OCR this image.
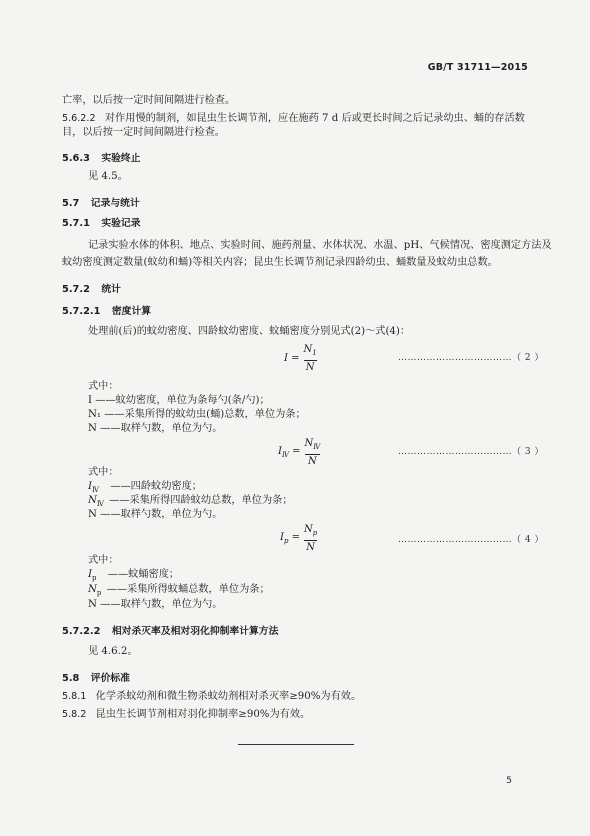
GB/T 31711—2015
亡率，以后按一定时间间隔进行检查。
5.6.2.2 对作用慢的制剂，如昆虫生长调节剂，应在施药 7 d 后或更长时间之后记录幼虫、蛹的存活数
目，以后按一定时间间隔进行检查。
5.6.3 实验终止
见 4.5。
5.7 记录与统计
5.7.1 实验记录
记录实验水体的体积、地点、实验时间、施药剂量、水体状况、水温、pH、气候情况、密度测定方法及
蚊幼密度测定数量(蚊幼和蛹)等相关内容；昆虫生长调节剂记录四龄幼虫、蛹数量及蚊幼虫总数。
5.7.2 统计
5.7.2.1 密度计算
处理前(后)的蚊幼密度、四龄蚊幼密度、蚊蛹密度分别见式(2)～式(4)：
$I = \frac{N_1}{N}$	………………………………（ 2 ）
式中：
I ——蚊幼密度，单位为条每勺(条/勺)；
N₁ ——采集所得的蚊幼虫(蛹)总数，单位为条；
N ——取样勺数，单位为勺。
$I_Ⅳ = \frac{N_Ⅳ}{N}$	………………………………（ 3 ）
式中：
$I_Ⅳ$ ——四龄蚊幼密度；
$N_Ⅳ$ ——采集所得四龄蚊幼总数，单位为条；
N ——取样勺数，单位为勺。
$I_p = \frac{N_p}{N}$	………………………………（ 4 ）
式中：
$I_p$ ——蚊蛹密度；
$N_p$ ——采集所得蚊蛹总数，单位为条；
N ——取样勺数，单位为勺。
5.7.2.2 相对杀灭率及相对羽化抑制率计算方法
见 4.6.2。
5.8 评价标准
5.8.1 化学杀蚊幼剂和微生物杀蚊幼剂相对杀灭率≥90%为有效。
5.8.2 昆虫生长调节剂相对羽化抑制率≥90%为有效。
5
